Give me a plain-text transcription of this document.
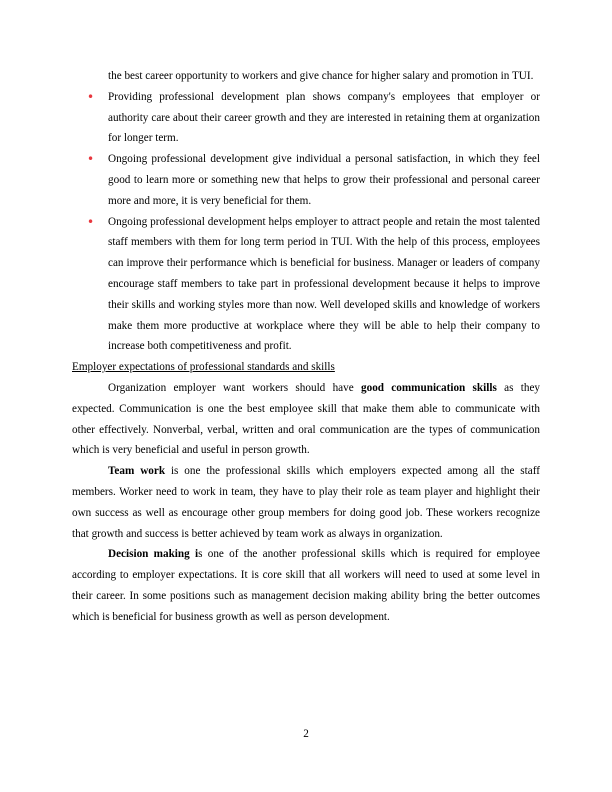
the best career opportunity to workers and give chance for higher salary and promotion in TUI.

• Providing professional development plan shows company's employees that employer or authority care about their career growth and they are interested in retaining them at organization for longer term.
• Ongoing professional development give individual a personal satisfaction, in which they feel good to learn more or something new that helps to grow their professional and personal career more and more, it is very beneficial for them.
• Ongoing professional development helps employer to attract people and retain the most talented staff members with them for long term period in TUI. With the help of this process, employees can improve their performance which is beneficial for business. Manager or leaders of company encourage staff members to take part in professional development because it helps to improve their skills and working styles more than now. Well developed skills and knowledge of workers make them more productive at workplace where they will be able to help their company to increase both competitiveness and profit.

Employer expectations of professional standards and skills

Organization employer want workers should have good communication skills as they expected. Communication is one the best employee skill that make them able to communicate with other effectively. Nonverbal, verbal, written and oral communication are the types of communication which is very beneficial and useful in person growth.

Team work is one the professional skills which employers expected among all the staff members. Worker need to work in team, they have to play their role as team player and highlight their own success as well as encourage other group members for doing good job. These workers recognize that growth and success is better achieved by team work as always in organization.

Decision making is one of the another professional skills which is required for employee according to employer expectations. It is core skill that all workers will need to used at some level in their career. In some positions such as management decision making ability bring the better outcomes which is beneficial for business growth as well as person development.

2
